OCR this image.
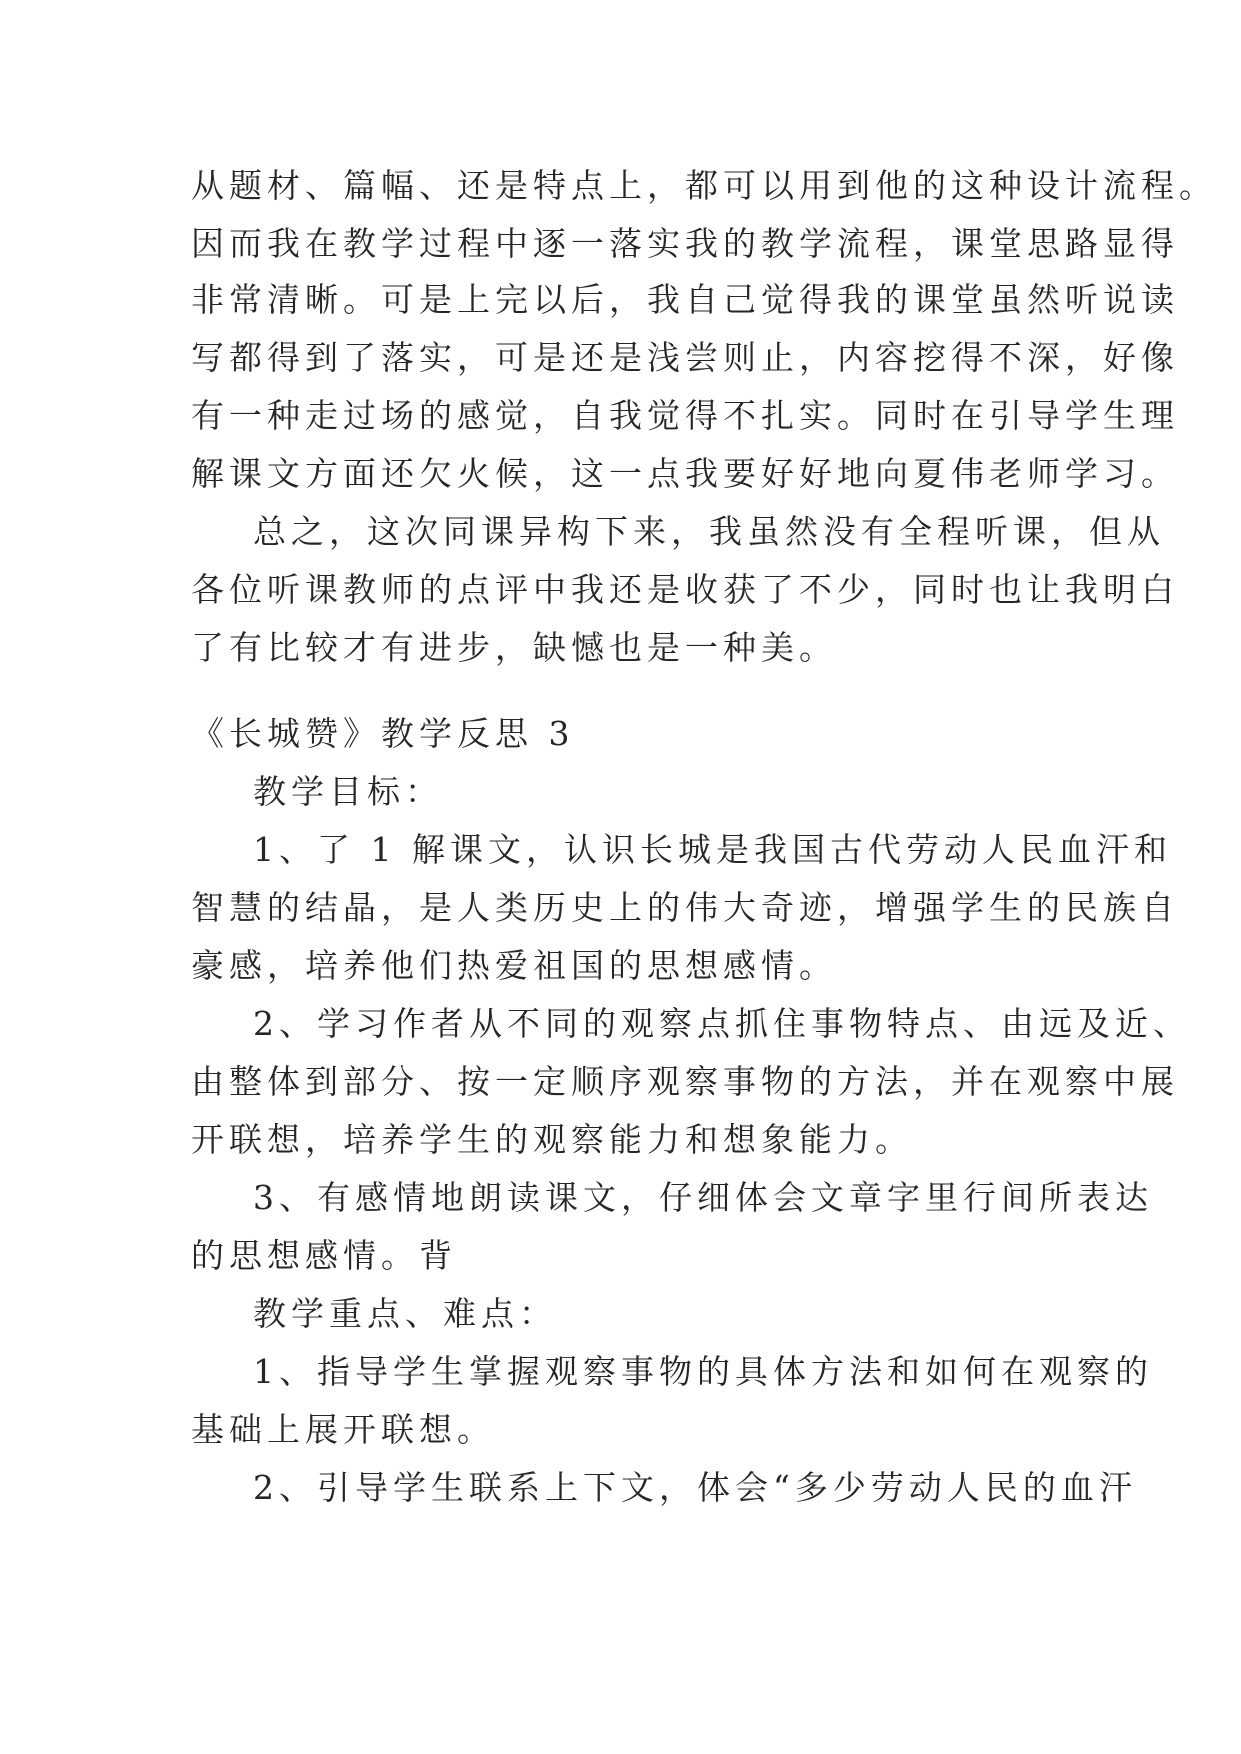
从题材、篇幅、还是特点上，都可以用到他的这种设计流程。
因而我在教学过程中逐一落实我的教学流程，课堂思路显得
非常清晰。可是上完以后，我自己觉得我的课堂虽然听说读
写都得到了落实，可是还是浅尝则止，内容挖得不深，好像
有一种走过场的感觉，自我觉得不扎实。同时在引导学生理
解课文方面还欠火候，这一点我要好好地向夏伟老师学习。
总之，这次同课异构下来，我虽然没有全程听课，但从
各位听课教师的点评中我还是收获了不少，同时也让我明白
了有比较才有进步，缺憾也是一种美。
《长城赞》教学反思 3
教学目标：
1、了 1 解课文，认识长城是我国古代劳动人民血汗和
智慧的结晶，是人类历史上的伟大奇迹，增强学生的民族自
豪感，培养他们热爱祖国的思想感情。
2、学习作者从不同的观察点抓住事物特点、由远及近、
由整体到部分、按一定顺序观察事物的方法，并在观察中展
开联想，培养学生的观察能力和想象能力。
3、有感情地朗读课文，仔细体会文章字里行间所表达
的思想感情。背
教学重点、难点：
1、指导学生掌握观察事物的具体方法和如何在观察的
基础上展开联想。
2、引导学生联系上下文，体会“多少劳动人民的血汗
